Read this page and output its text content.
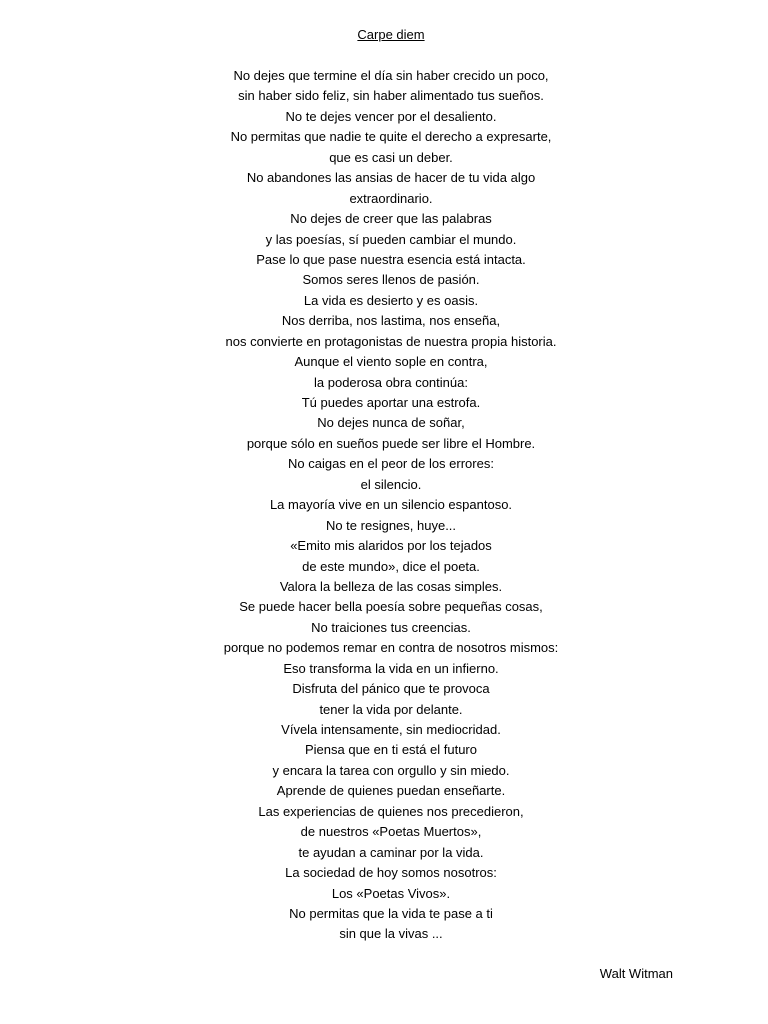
Carpe diem
No dejes que termine el día sin haber crecido un poco,
sin haber sido feliz, sin haber alimentado tus sueños.
No te dejes vencer por el desaliento.
No permitas que nadie te quite el derecho a expresarte,
que es casi un deber.
No abandones las ansias de hacer de tu vida algo
extraordinario.
No dejes de creer que las palabras
y las poesías, sí pueden cambiar el mundo.
Pase lo que pase nuestra esencia está intacta.
Somos seres llenos de pasión.
La vida es desierto y es oasis.
Nos derriba, nos lastima, nos enseña,
nos convierte en protagonistas de nuestra propia historia.
Aunque el viento sople en contra,
la poderosa obra continúa:
Tú puedes aportar una estrofa.
No dejes nunca de soñar,
porque sólo en sueños puede ser libre el Hombre.
No caigas en el peor de los errores:
el silencio.
La mayoría vive en un silencio espantoso.
No te resignes, huye...
«Emito mis alaridos por los tejados
de este mundo», dice el poeta.
Valora la belleza de las cosas simples.
Se puede hacer bella poesía sobre pequeñas cosas,
No traiciones tus creencias.
porque no podemos remar en contra de nosotros mismos:
Eso transforma la vida en un infierno.
Disfruta del pánico que te provoca
tener la vida por delante.
Vívela intensamente, sin mediocridad.
Piensa que en ti está el futuro
y encara la tarea con orgullo y sin miedo.
Aprende de quienes puedan enseñarte.
Las experiencias de quienes nos precedieron,
de nuestros «Poetas Muertos»,
te ayudan a caminar por la vida.
La sociedad de hoy somos nosotros:
Los «Poetas Vivos».
No permitas que la vida te pase a ti
sin que la vivas ...
Walt Witman
